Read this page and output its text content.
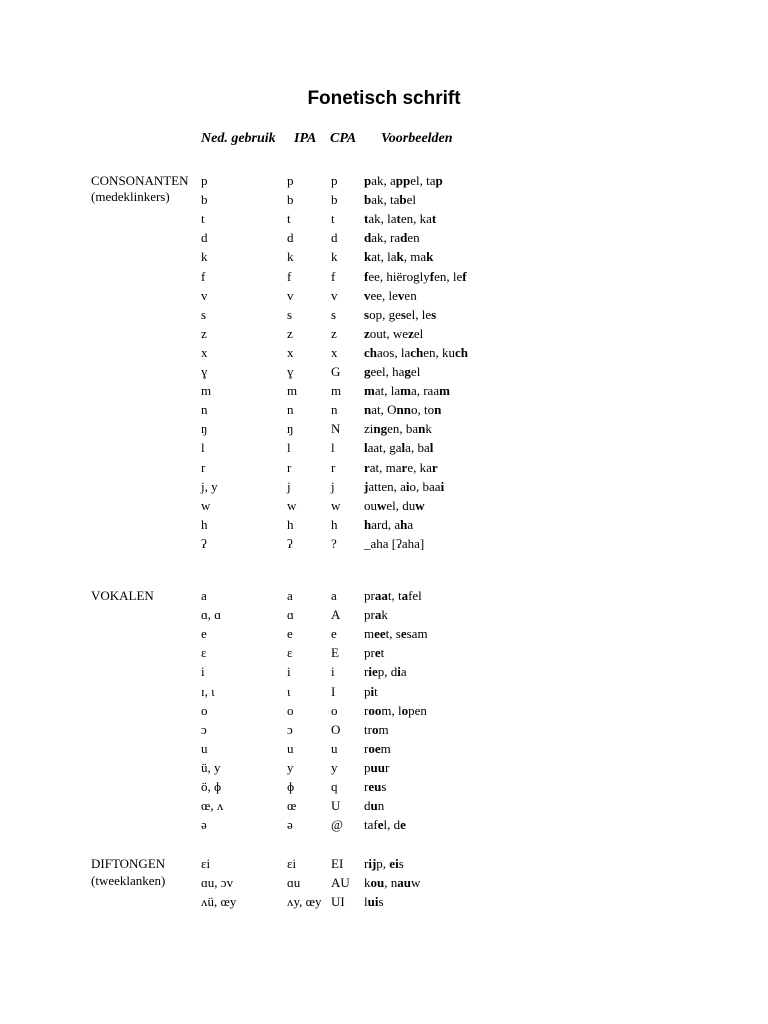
Fonetisch schrift
Ned. gebruik IPA CPA Voorbeelden
CONSONANTEN p	p	p pak, appel, tap
b	b	b bak, tabel
t	t	t tak, laten, kat
d	d	d dak, raden
k	k	k kat, lak, mak
f	f	f fee, hiëroglyfen, lef
v	v	v vee, leven
s	s	s sop, gesel, les
z	z	z zout, wezel
x	x	x chaos, lachen, kuch
ɣ	ɣ	G geel, hagel
m	m	m mat, lama, raam
n	n	n nat, Onno, ton
ŋ	ŋ	N zingen, bank
l	l	l laat, gala, bal
r	r	r rat, mare, kar
j, y	j	j jatten, aio, baai
w	w	w ouwel, duw
h	h	h hard, aha
ʔ	ʔ	? _aha [ʔaha]
(medeklinkers)
VOKALEN	a	a	a praat, tafel
ɑ, ɑ	ɑ	A prak
e	e	e meet, sesam
ɛ	ɛ	E pret
i	i	i riep, dia
ɪ, ɩ	ɩ	I pit
o	o	o room, lopen
ɔ	ɔ	O trom
u	u	u roem
ü, y	y	y puur
ö, ɸ	ɸ	q reus
œ, ʌ	œ	U dun
ə	ə	@ tafel, de
DIFTONGEN	ɛi	ɛi	EI rijp, eis
ɑu, ɔv	ɑu AU kou, nauw
ʌü, œy	ʌy, œy UI luis
(tweeklanken)
